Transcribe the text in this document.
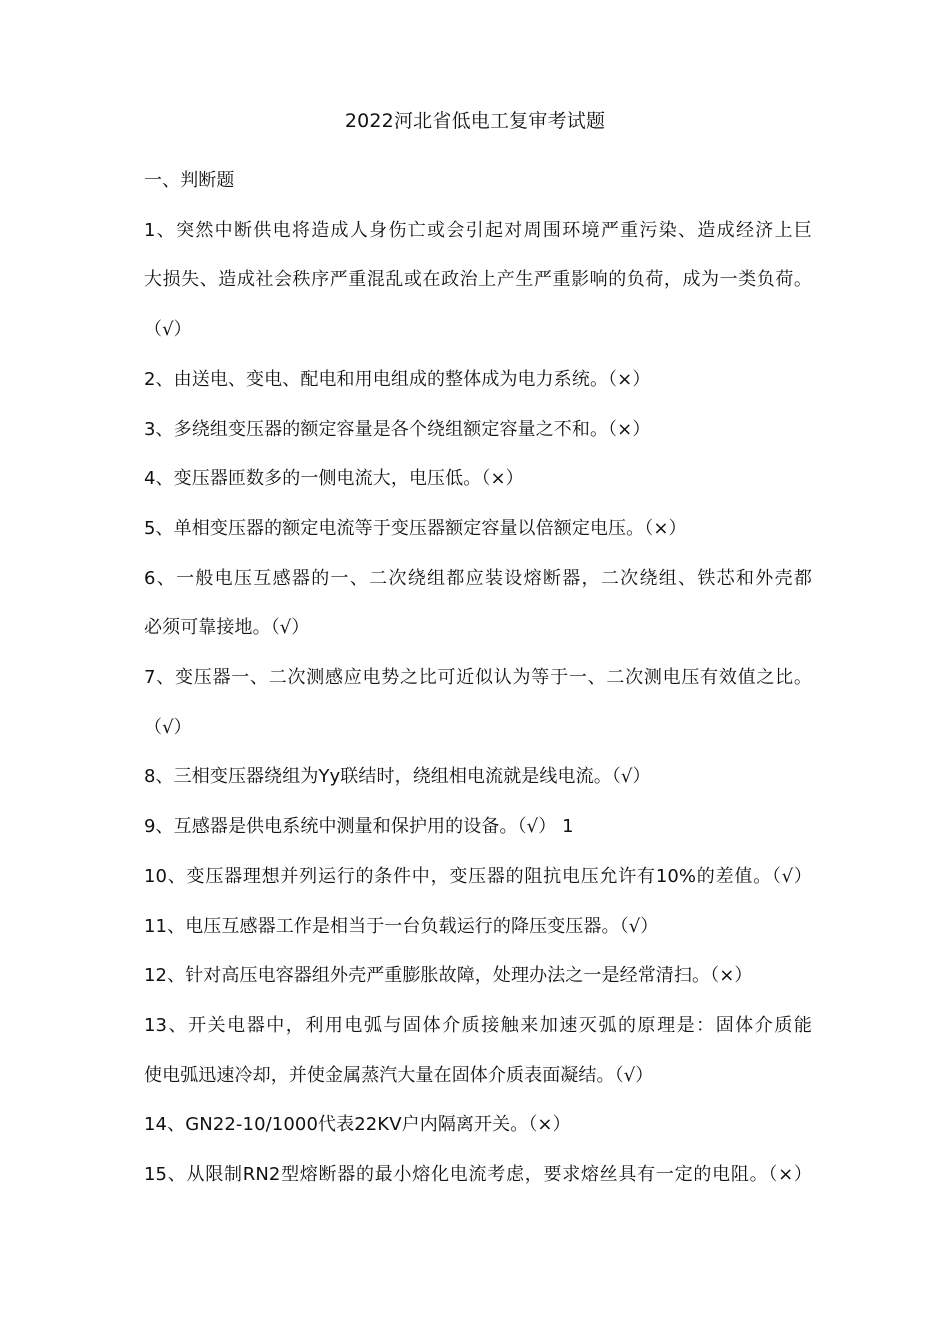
2022河北省低电工复审考试题
一、判断题
1、突然中断供电将造成人身伤亡或会引起对周围环境严重污染、造成经济上巨
大损失、造成社会秩序严重混乱或在政治上产生严重影响的负荷，成为一类负荷。
（√）
2、由送电、变电、配电和用电组成的整体成为电力系统。（×）
3、多绕组变压器的额定容量是各个绕组额定容量之不和。（×）
4、变压器匝数多的一侧电流大，电压低。（×）
5、单相变压器的额定电流等于变压器额定容量以倍额定电压。（×）
6、一般电压互感器的一、二次绕组都应装设熔断器，二次绕组、铁芯和外壳都
必须可靠接地。（√）
7、变压器一、二次测感应电势之比可近似认为等于一、二次测电压有效值之比。
（√）
8、三相变压器绕组为Yy联结时，绕组相电流就是线电流。（√）
9、互感器是供电系统中测量和保护用的设备。（√） 1
10、变压器理想并列运行的条件中，变压器的阻抗电压允许有10%的差值。（√）
11、电压互感器工作是相当于一台负载运行的降压变压器。（√）
12、针对高压电容器组外壳严重膨胀故障，处理办法之一是经常清扫。（×）
13、开关电器中，利用电弧与固体介质接触来加速灭弧的原理是：固体介质能
使电弧迅速冷却，并使金属蒸汽大量在固体介质表面凝结。（√）
14、GN22-10/1000代表22KV户内隔离开关。（×）
15、从限制RN2型熔断器的最小熔化电流考虑，要求熔丝具有一定的电阻。（×）
